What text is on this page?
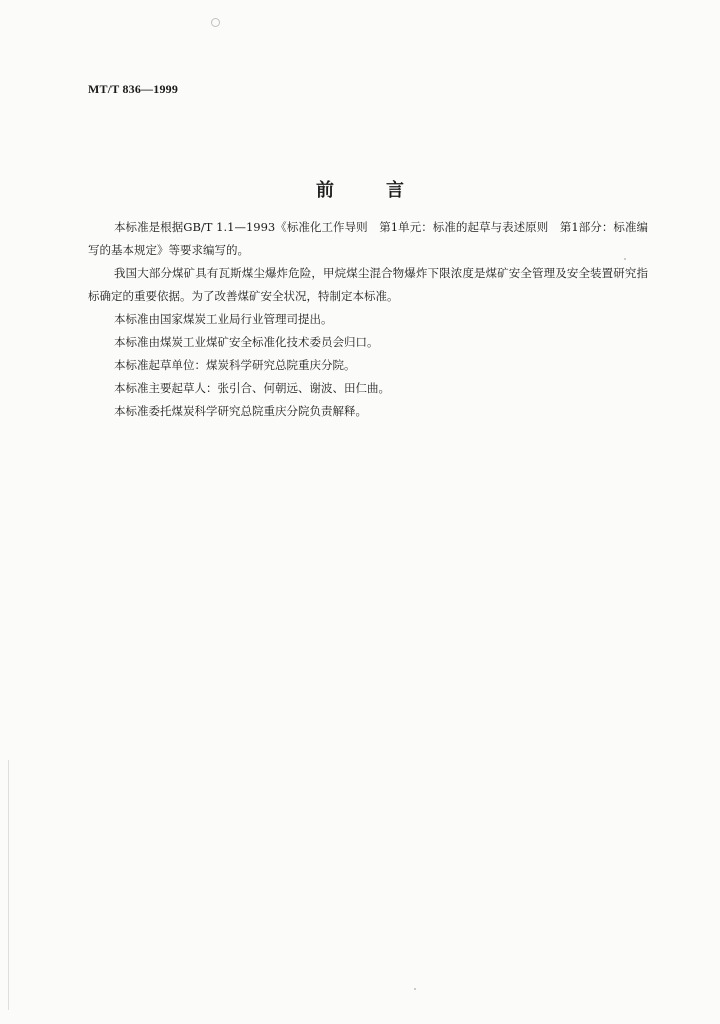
MT/T 836—1999
前	言

本标准是根据GB/T 1.1—1993《标准化工作导则　第1单元：标准的起草与表述原则　第1部分：标准编写的基本规定》等要求编写的。

我国大部分煤矿具有瓦斯煤尘爆炸危险，甲烷煤尘混合物爆炸下限浓度是煤矿安全管理及安全装置研究指标确定的重要依据。为了改善煤矿安全状况，特制定本标准。

本标准由国家煤炭工业局行业管理司提出。

本标准由煤炭工业煤矿安全标准化技术委员会归口。

本标准起草单位：煤炭科学研究总院重庆分院。

本标准主要起草人：张引合、何朝远、谢波、田仁曲。

本标准委托煤炭科学研究总院重庆分院负责解释。
